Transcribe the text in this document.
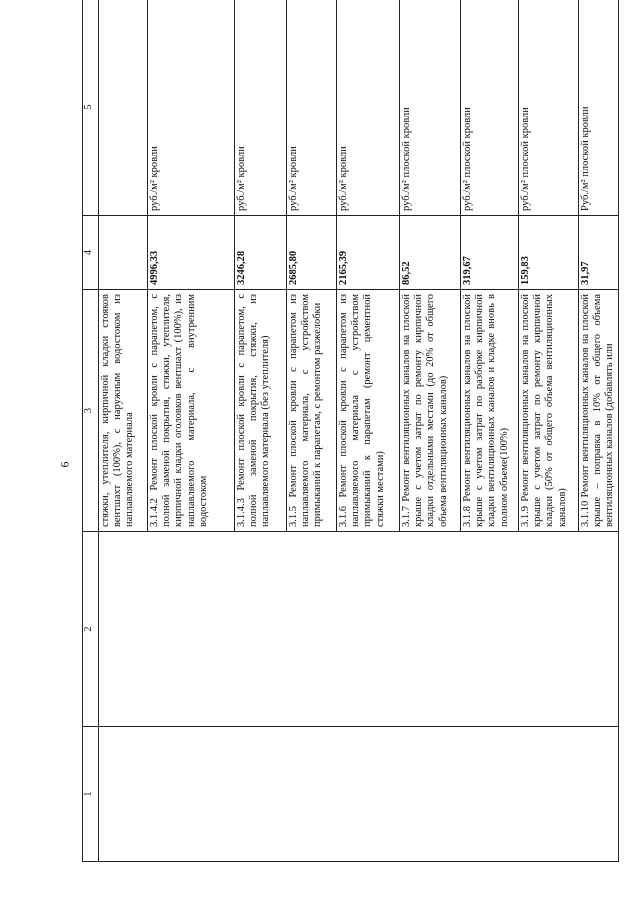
6
1	2	3	4	5
		стяжки, утеплителя, кирпичной кладки стояков вентшахт (100%), с наружным водостоком из наплавляемого материала		
		3.1.4.2 Ремонт плоской кровли с парапетом, с полной заменой покрытия, стяжки, утеплителя, кирпичной кладки оголовков вентшахт (100%), из наплавляемого материала, с внутренним водостоком	4996,33	руб./м² кровли
		3.1.4.3 Ремонт плоской кровли с парапетом, с полной заменой покрытия, стяжки, из наплавляемого материала (без утеплителя)	3246,28	руб./м² кровли
		3.1.5 Ремонт плоской кровли с парапетом из наплавляемого материала, с устройством примыканий к парапетам, с ремонтом разжелобки	2685,80	руб./м² кровли
		3.1.6 Ремонт плоской кровли с парапетом из наплавляемого материала с устройством примыканий к парапетам (ремонт цементной стяжки местами)	2165,39	руб./м² кровли
		3.1.7 Ремонт вентиляционных каналов на плоской крыше с учетом затрат по ремонту кирпичной кладки отдельными местами (до 20% от общего объема вентиляционных каналов)	86,52	руб./м² плоской кровли
		3.1.8 Ремонт вентиляционных каналов на плоской крыше с учетом затрат по разборке кирпичной кладки вентиляционных каналов и кладке вновь в полном объеме(100%)	319,67	руб./м² плоской кровли
		3.1.9 Ремонт вентиляционных каналов на плоской крыше с учетом затрат по ремонту кирпичной кладки (50% от общего объема вентиляционных каналов)	159,83	руб./м² плоской кровли
		3.1.10 Ремонт вентиляционных каналов на плоской крыше – поправка в 10% от общего объема вентиляционных каналов (добавлять или	31,97	Руб./м² плоской кровли
